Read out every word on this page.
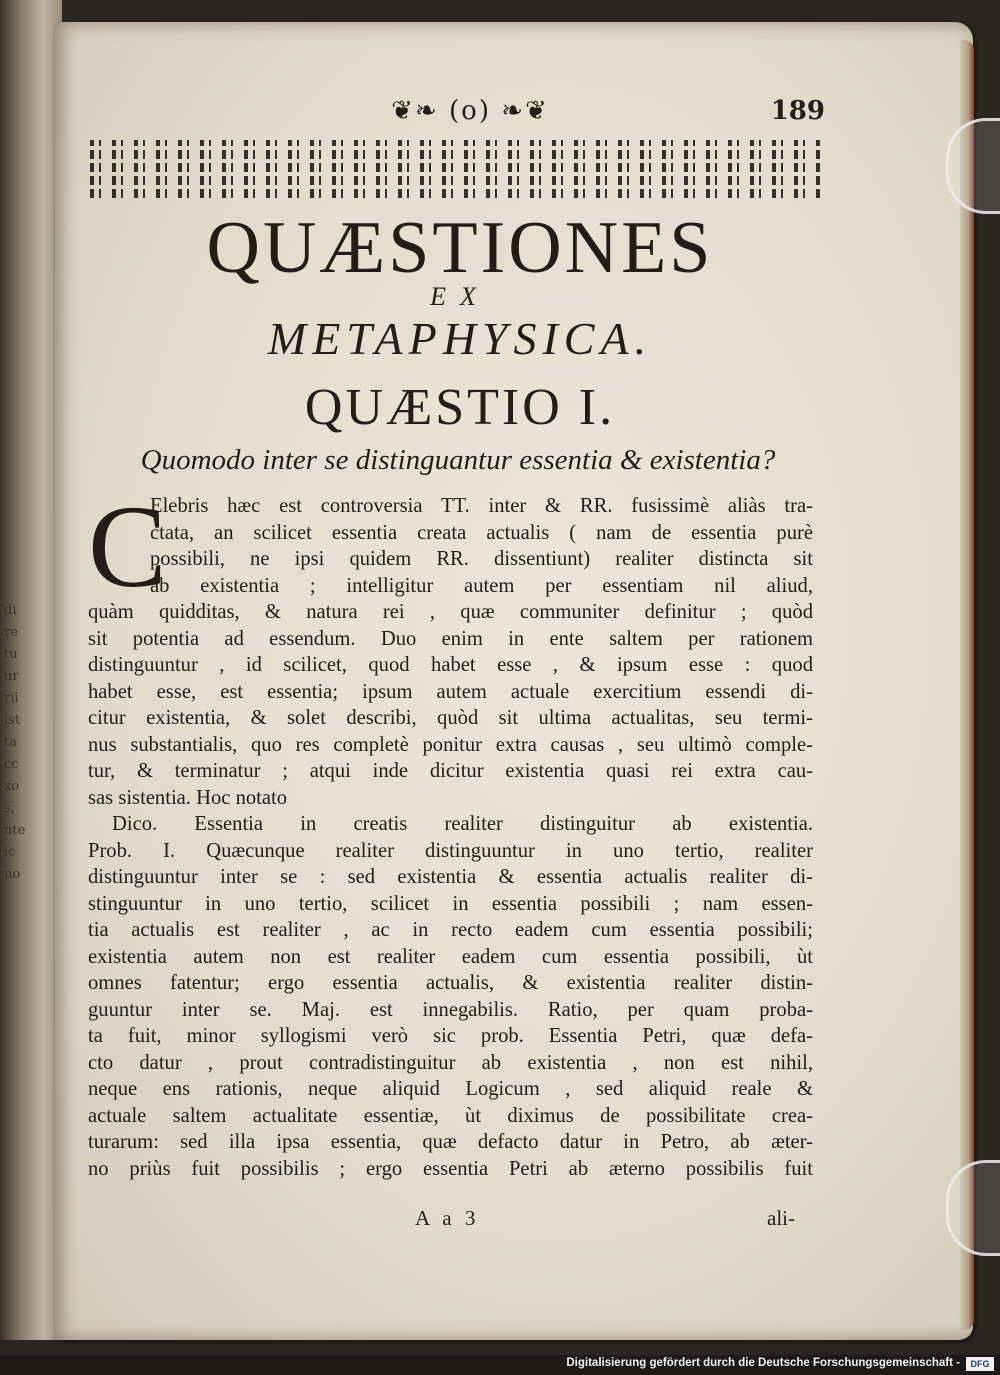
di
re
tu
ur
rii
ist
ta
cc
xo
s,
nte
ic
no
❦❧ (o) ❧❦	189
QUÆSTIONES
EX
METAPHYSICA.
QUÆSTIO I.
Quomodo inter se distinguantur essentia & existentia?
C
Elebris hæc est controversia TT. inter & RR. fusissimè aliàs tra-
ctata, an scilicet essentia creata actualis ( nam de essentia purè
possibili, ne ipsi quidem RR. dissentiunt) realiter distincta sit
ab existentia ; intelligitur autem per essentiam nil aliud,
quàm quidditas, & natura rei , quæ communiter definitur ; quòd
sit potentia ad essendum. Duo enim in ente saltem per rationem
distinguuntur , id scilicet, quod habet esse , & ipsum esse : quod
habet esse, est essentia; ipsum autem actuale exercitium essendi di-
citur existentia, & solet describi, quòd sit ultima actualitas, seu termi-
nus substantialis, quo res completè ponitur extra causas , seu ultimò comple-
tur, & terminatur ; atqui inde dicitur existentia quasi rei extra cau-
sas sistentia. Hoc notato
Dico. Essentia in creatis realiter distinguitur ab existentia.
Prob. I. Quæcunque realiter distinguuntur in uno tertio, realiter
distinguuntur inter se : sed existentia & essentia actualis realiter di-
stinguuntur in uno tertio, scilicet in essentia possibili ; nam essen-
tia actualis est realiter , ac in recto eadem cum essentia possibili;
existentia autem non est realiter eadem cum essentia possibili, ùt
omnes fatentur; ergo essentia actualis, & existentia realiter distin-
guuntur inter se. Maj. est innegabilis. Ratio, per quam proba-
ta fuit, minor syllogismi verò sic prob. Essentia Petri, quæ defa-
cto datur , prout contradistinguitur ab existentia , non est nihil,
neque ens rationis, neque aliquid Logicum , sed aliquid reale &
actuale saltem actualitate essentiæ, ùt diximus de possibilitate crea-
turarum: sed illa ipsa essentia, quæ defacto datur in Petro, ab æter-
no priùs fuit possibilis ; ergo essentia Petri ab æterno possibilis fuit
A a 3	ali-
Digitalisierung gefördert durch die Deutsche Forschungsgemeinschaft -	DFG
